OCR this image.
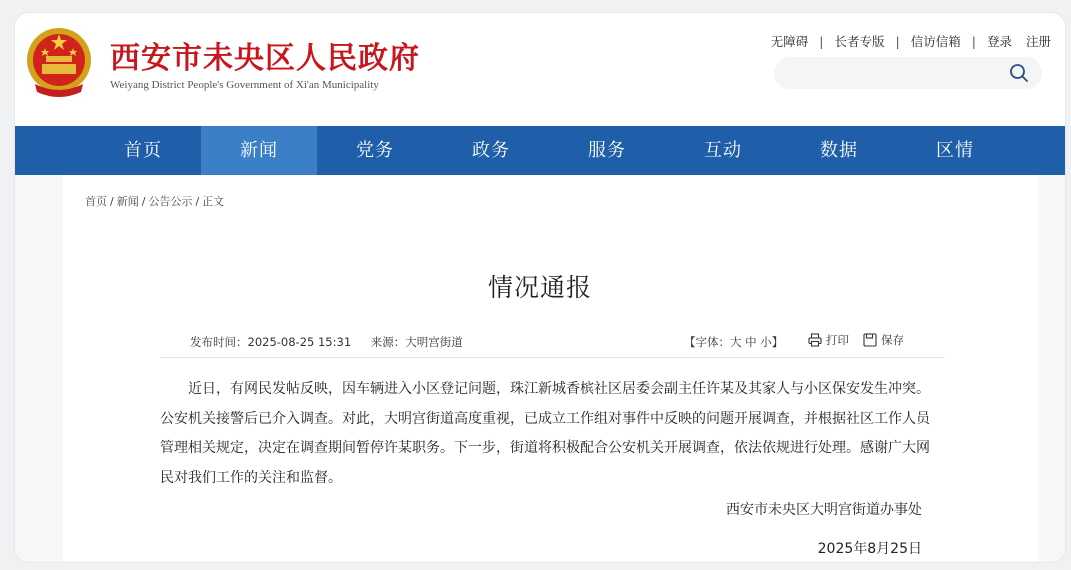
西安市未央区人民政府
Weiyang District People's Government of Xi'an Municipality
无障碍 | 长者专版 | 信访信箱 | 登录 注册
首页	新闻	党务	政务	服务	互动	数据	区情
首页 / 新闻 / 公告公示 / 正文
情况通报
发布时间：2025-08-25 15:31 来源：大明宫街道	【字体：大 中 小】	打印	保存
近日，有网民发帖反映，因车辆进入小区登记问题，珠江新城香槟社区居委会副主任许某及其家人与小区保安发生冲突。公安机关接警后已介入调查。对此，大明宫街道高度重视，已成立工作组对事件中反映的问题开展调查，并根据社区工作人员管理相关规定，决定在调查期间暂停许某职务。下一步，街道将积极配合公安机关开展调查，依法依规进行处理。感谢广大网民对我们工作的关注和监督。
西安市未央区大明宫街道办事处
2025年8月25日
